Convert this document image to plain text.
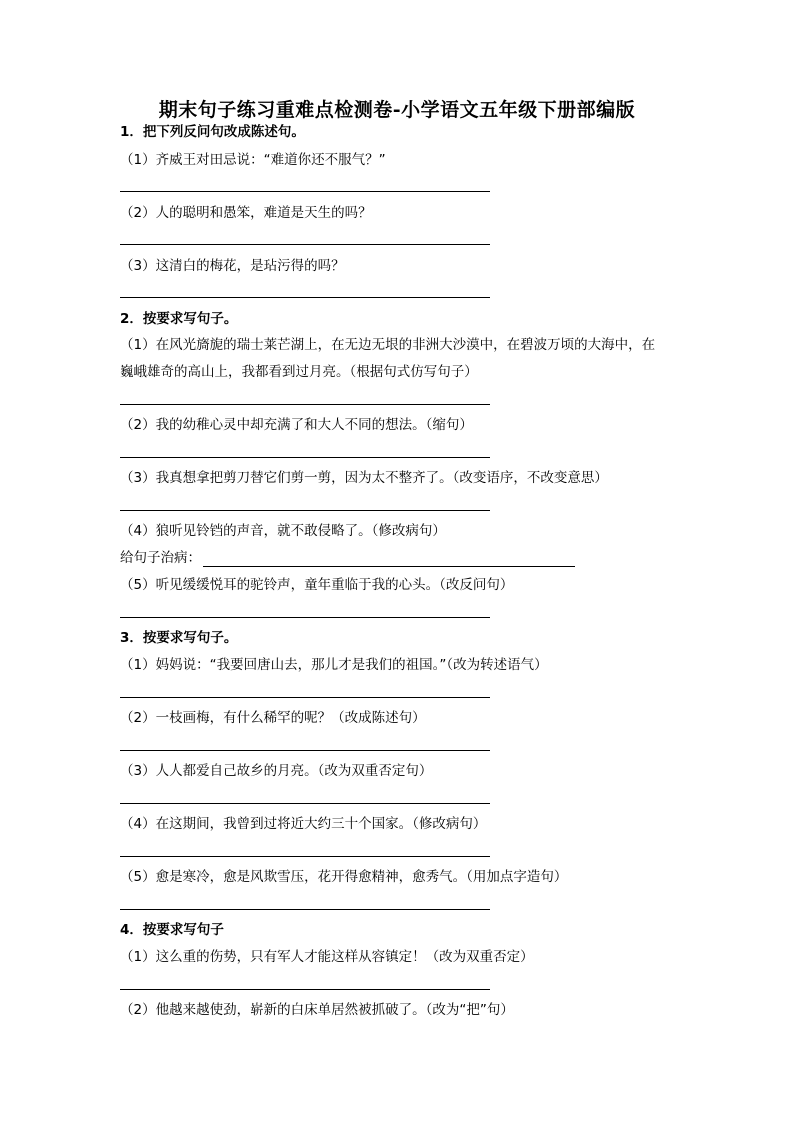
期末句子练习重难点检测卷-小学语文五年级下册部编版
1．把下列反问句改成陈述句。
（1）齐威王对田忌说：“难道你还不服气？”
（2）人的聪明和愚笨，难道是天生的吗？
（3）这清白的梅花，是玷污得的吗？
2．按要求写句子。
（1）在风光旖旎的瑞士莱芒湖上，在无边无垠的非洲大沙漠中，在碧波万顷的大海中，在
巍峨雄奇的高山上，我都看到过月亮。（根据句式仿写句子）
（2）我的幼稚心灵中却充满了和大人不同的想法。（缩句）
（3）我真想拿把剪刀替它们剪一剪，因为太不整齐了。（改变语序，不改变意思）
（4）狼听见铃铛的声音，就不敢侵略了。（修改病句）
给句子治病：
（5）听见缓缓悦耳的驼铃声，童年重临于我的心头。（改反问句）
3．按要求写句子。
（1）妈妈说：“我要回唐山去，那儿才是我们的祖国。”（改为转述语气）
（2）一枝画梅，有什么稀罕的呢？（改成陈述句）
（3）人人都爱自己故乡的月亮。（改为双重否定句）
（4）在这期间，我曾到过将近大约三十个国家。（修改病句）
（5）愈是寒冷，愈是风欺雪压，花开得愈精神，愈秀气。（用加点字造句）
4．按要求写句子
（1）这么重的伤势，只有军人才能这样从容镇定！（改为双重否定）
（2）他越来越使劲，崭新的白床单居然被抓破了。（改为“把”句）
